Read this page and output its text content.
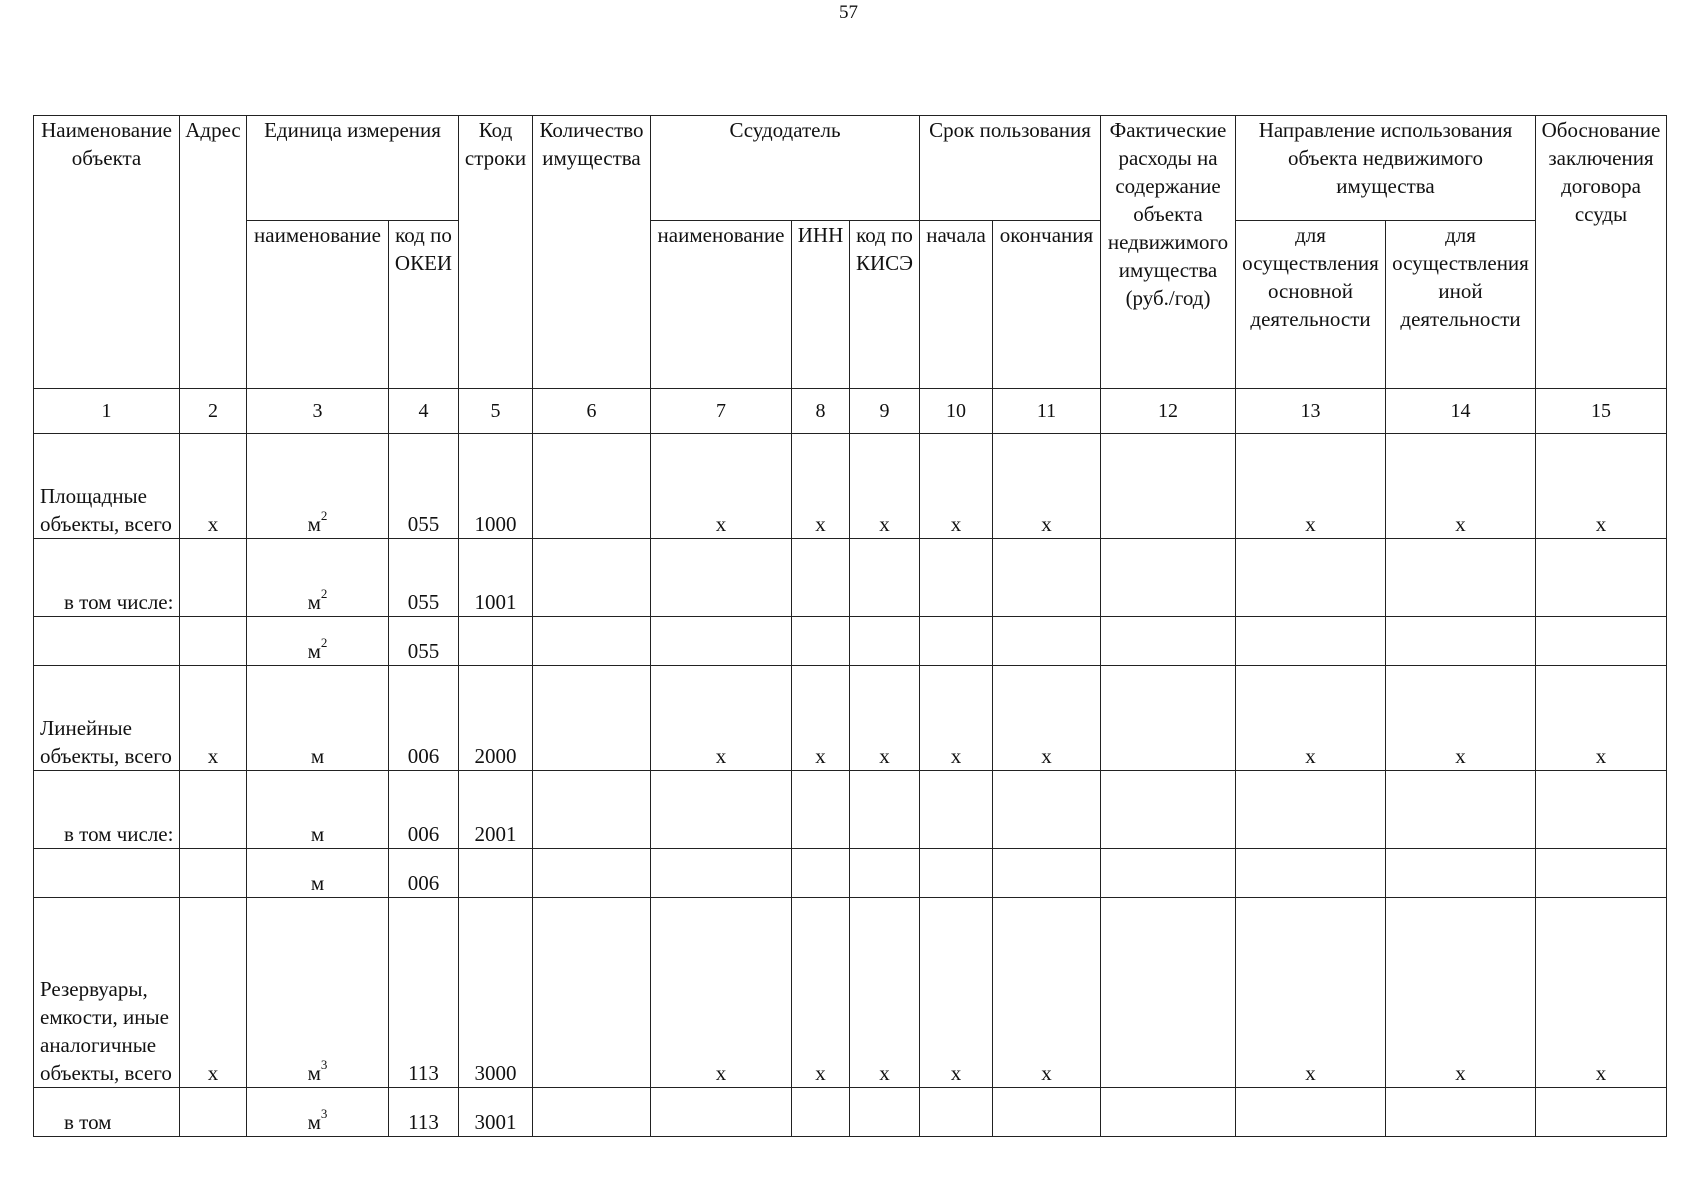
57
Наименование объекта	Адрес	Единица измерения		Код строки	Количество имущества	Ссудодатель			Срок пользования		Фактические расходы на содержание объекта недвижимого имущества (руб./год)	Направление использования объекта недвижимого имущества		Обоснование заключения договора ссуды
		наименование	код по ОКЕИ			наименование	ИНН	код по КИСЭ	начала	окончания		для осуществления основной деятельности	для осуществления иной деятельности	
1	2	3	4	5	6	7	8	9	10	11	12	13	14	15
Площадные объекты, всего	х	$м^2$	055	1000		х	х	х	х	х		х	х	х
в том числе:		$м^2$	055	1001										
		$м^2$	055											
Линейные объекты, всего	х	м	006	2000		х	х	х	х	х		х	х	х
в том числе:		м	006	2001										
		м	006											
Резервуары, емкости, иные аналогичные объекты, всего	х	$м^3$	113	3000		х	х	х	х	х		х	х	х
в том		$м^3$	113	3001										
